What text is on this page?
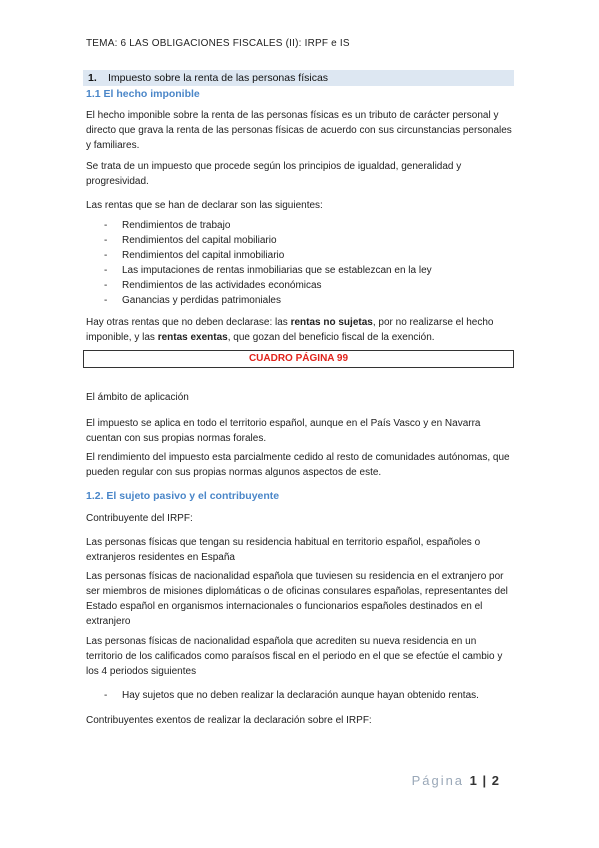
TEMA: 6 LAS OBLIGACIONES FISCALES (II): IRPF e IS
1. Impuesto sobre la renta de las personas físicas
1.1 El hecho imponible
El hecho imponible sobre la renta de las personas físicas es un tributo de carácter personal y directo que grava la renta de las personas físicas de acuerdo con sus circunstancias personales y familiares.
Se trata de un impuesto que procede según los principios de igualdad, generalidad y progresividad.
Las rentas que se han de declarar son las siguientes:
- Rendimientos de trabajo
- Rendimientos del capital mobiliario
- Rendimientos del capital inmobiliario
- Las imputaciones de rentas inmobiliarias que se establezcan en la ley
- Rendimientos de las actividades económicas
- Ganancias y perdidas patrimoniales
Hay otras rentas que no deben declarase: las rentas no sujetas, por no realizarse el hecho imponible, y las rentas exentas, que gozan del beneficio fiscal de la exención.
CUADRO PÁGINA 99
El ámbito de aplicación
El impuesto se aplica en todo el territorio español, aunque en el País Vasco y en Navarra cuentan con sus propias normas forales.
El rendimiento del impuesto esta parcialmente cedido al resto de comunidades autónomas, que pueden regular con sus propias normas algunos aspectos de este.
1.2. El sujeto pasivo y el contribuyente
Contribuyente del IRPF:
Las personas físicas que tengan su residencia habitual en territorio español, españoles o extranjeros residentes en España
Las personas físicas de nacionalidad española que tuviesen su residencia en el extranjero por ser miembros de misiones diplomáticas o de oficinas consulares españolas, representantes del Estado español en organismos internacionales o funcionarios españoles destinados en el extranjero
Las personas físicas de nacionalidad española que acrediten su nueva residencia en un territorio de los calificados como paraísos fiscal en el periodo en el que se efectúe el cambio y los 4 periodos siguientes
- Hay sujetos que no deben realizar la declaración aunque hayan obtenido rentas.
Contribuyentes exentos de realizar la declaración sobre el IRPF:
Página 1 | 2
